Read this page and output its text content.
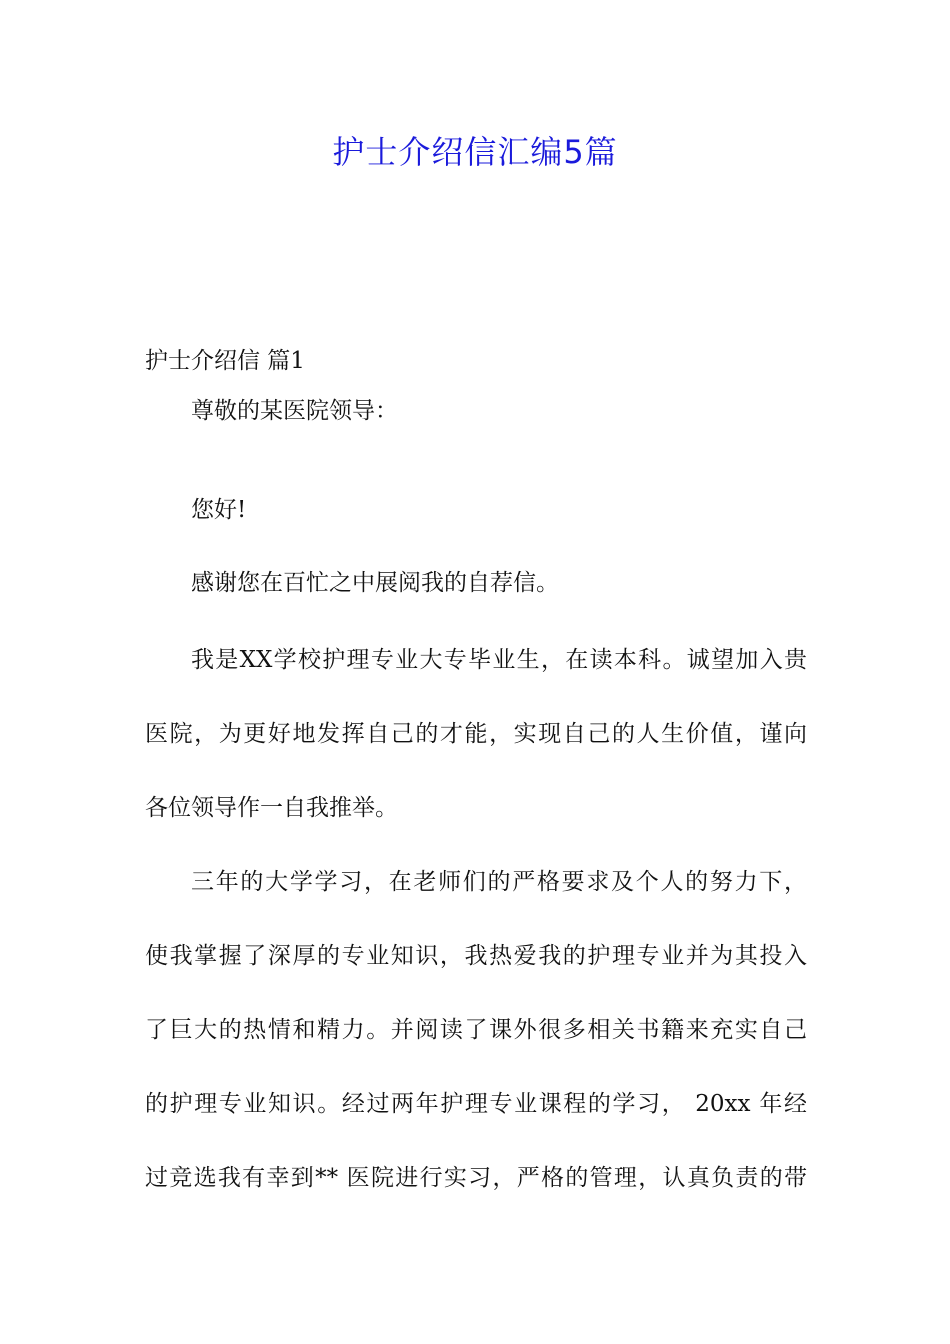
护士介绍信汇编5篇
护士介绍信 篇1
尊敬的某医院领导：
您好!
感谢您在百忙之中展阅我的自荐信。
我是XX学校护理专业大专毕业生，在读本科。诚望加入贵
医院，为更好地发挥自己的才能，实现自己的人生价值，谨向
各位领导作一自我推举。
三年的大学学习，在老师们的严格要求及个人的努力下，
使我掌握了深厚的专业知识，我热爱我的护理专业并为其投入
了巨大的热情和精力。并阅读了课外很多相关书籍来充实自己
的护理专业知识。经过两年护理专业课程的学习， 20xx 年经
过竞选我有幸到** 医院进行实习，严格的管理，认真负责的带
